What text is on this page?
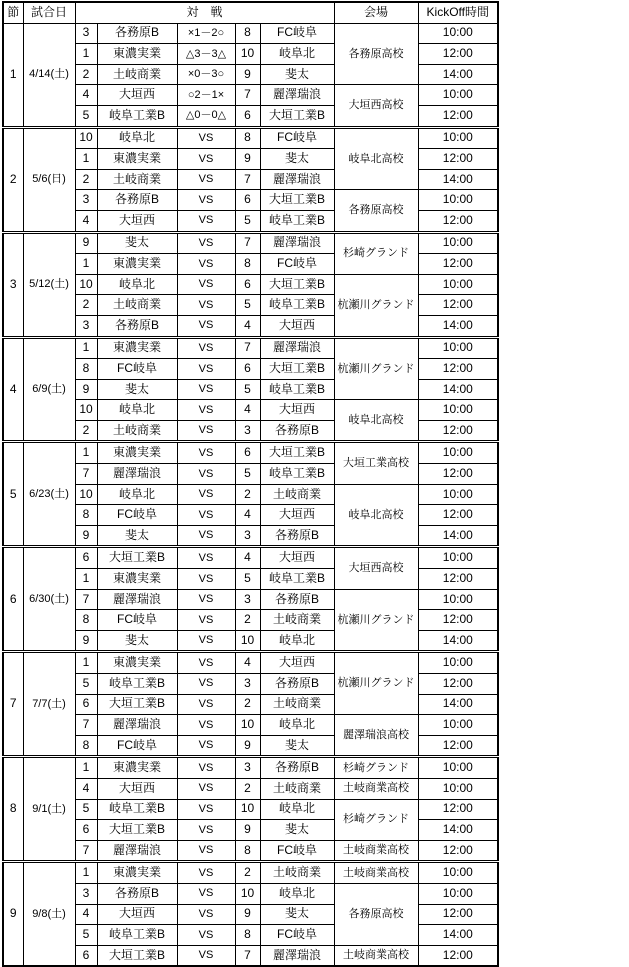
節	試合日	対　戦					会場	KickOff時間
1	4/14(土)	3	各務原B	×1－2○	8	FC岐阜	各務原高校	10:00
		1	東濃実業	△3－3△	10	岐阜北		12:00
		2	土岐商業	×0－3○	9	斐太		14:00
		4	大垣西	○2－1×	7	麗澤瑞浪	大垣西高校	10:00
		5	岐阜工業B	△0－0△	6	大垣工業B		12:00
2	5/6(日)	10	岐阜北	VS	8	FC岐阜	岐阜北高校	10:00
		1	東濃実業	VS	9	斐太		12:00
		2	土岐商業	VS	7	麗澤瑞浪		14:00
		3	各務原B	VS	6	大垣工業B	各務原高校	10:00
		4	大垣西	VS	5	岐阜工業B		12:00
3	5/12(土)	9	斐太	VS	7	麗澤瑞浪	杉崎グランド	10:00
		1	東濃実業	VS	8	FC岐阜		12:00
		10	岐阜北	VS	6	大垣工業B	杭瀬川グランド	10:00
		2	土岐商業	VS	5	岐阜工業B		12:00
		3	各務原B	VS	4	大垣西		14:00
4	6/9(土)	1	東濃実業	VS	7	麗澤瑞浪	杭瀬川グランド	10:00
		8	FC岐阜	VS	6	大垣工業B		12:00
		9	斐太	VS	5	岐阜工業B		14:00
		10	岐阜北	VS	4	大垣西	岐阜北高校	10:00
		2	土岐商業	VS	3	各務原B		12:00
5	6/23(土)	1	東濃実業	VS	6	大垣工業B	大垣工業高校	10:00
		7	麗澤瑞浪	VS	5	岐阜工業B		12:00
		10	岐阜北	VS	2	土岐商業	岐阜北高校	10:00
		8	FC岐阜	VS	4	大垣西		12:00
		9	斐太	VS	3	各務原B		14:00
6	6/30(土)	6	大垣工業B	VS	4	大垣西	大垣西高校	10:00
		1	東濃実業	VS	5	岐阜工業B		12:00
		7	麗澤瑞浪	VS	3	各務原B	杭瀬川グランド	10:00
		8	FC岐阜	VS	2	土岐商業		12:00
		9	斐太	VS	10	岐阜北		14:00
7	7/7(土)	1	東濃実業	VS	4	大垣西	杭瀬川グランド	10:00
		5	岐阜工業B	VS	3	各務原B		12:00
		6	大垣工業B	VS	2	土岐商業		14:00
		7	麗澤瑞浪	VS	10	岐阜北	麗澤瑞浪高校	10:00
		8	FC岐阜	VS	9	斐太		12:00
8	9/1(土)	1	東濃実業	VS	3	各務原B	杉崎グランド	10:00
		4	大垣西	VS	2	土岐商業	土岐商業高校	10:00
		5	岐阜工業B	VS	10	岐阜北	杉崎グランド	12:00
		6	大垣工業B	VS	9	斐太		14:00
		7	麗澤瑞浪	VS	8	FC岐阜	土岐商業高校	12:00
9	9/8(土)	1	東濃実業	VS	2	土岐商業	土岐商業高校	10:00
		3	各務原B	VS	10	岐阜北	各務原高校	10:00
		4	大垣西	VS	9	斐太		12:00
		5	岐阜工業B	VS	8	FC岐阜		14:00
		6	大垣工業B	VS	7	麗澤瑞浪	土岐商業高校	12:00
